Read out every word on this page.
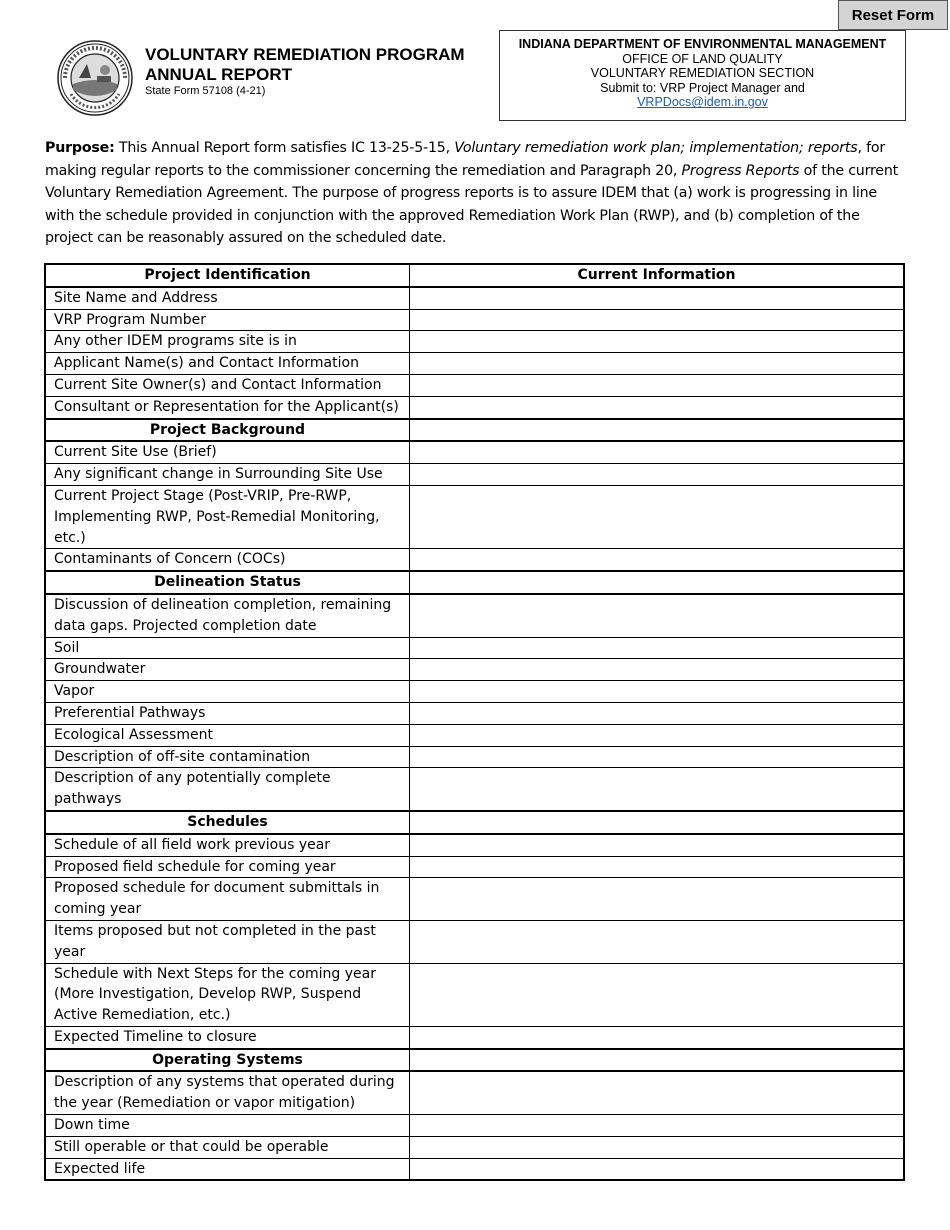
Reset Form
VOLUNTARY REMEDIATION PROGRAM
ANNUAL REPORT
State Form 57108 (4-21)
INDIANA DEPARTMENT OF ENVIRONMENTAL MANAGEMENT
OFFICE OF LAND QUALITY
VOLUNTARY REMEDIATION SECTION
Submit to: VRP Project Manager and
VRPDocs@idem.in.gov
Purpose: This Annual Report form satisfies IC 13-25-5-15, Voluntary remediation work plan; implementation; reports, for making regular reports to the commissioner concerning the remediation and Paragraph 20, Progress Reports of the current Voluntary Remediation Agreement. The purpose of progress reports is to assure IDEM that (a) work is progressing in line with the schedule provided in conjunction with the approved Remediation Work Plan (RWP), and (b) completion of the project can be reasonably assured on the scheduled date.
Project Identification	Current Information
Site Name and Address	
VRP Program Number	
Any other IDEM programs site is in	
Applicant Name(s) and Contact Information	
Current Site Owner(s) and Contact Information	
Consultant or Representation for the Applicant(s)	
Project Background	
Current Site Use (Brief)	
Any significant change in Surrounding Site Use	
Current Project Stage (Post-VRIP, Pre-RWP, Implementing RWP, Post-Remedial Monitoring, etc.)	
Contaminants of Concern (COCs)	
Delineation Status	
Discussion of delineation completion, remaining data gaps. Projected completion date	
Soil	
Groundwater	
Vapor	
Preferential Pathways	
Ecological Assessment	
Description of off-site contamination	
Description of any potentially complete pathways	
Schedules	
Schedule of all field work previous year	
Proposed field schedule for coming year	
Proposed schedule for document submittals in coming year	
Items proposed but not completed in the past year	
Schedule with Next Steps for the coming year (More Investigation, Develop RWP, Suspend Active Remediation, etc.)	
Expected Timeline to closure	
Operating Systems	
Description of any systems that operated during the year (Remediation or vapor mitigation)	
Down time	
Still operable or that could be operable	
Expected life	
